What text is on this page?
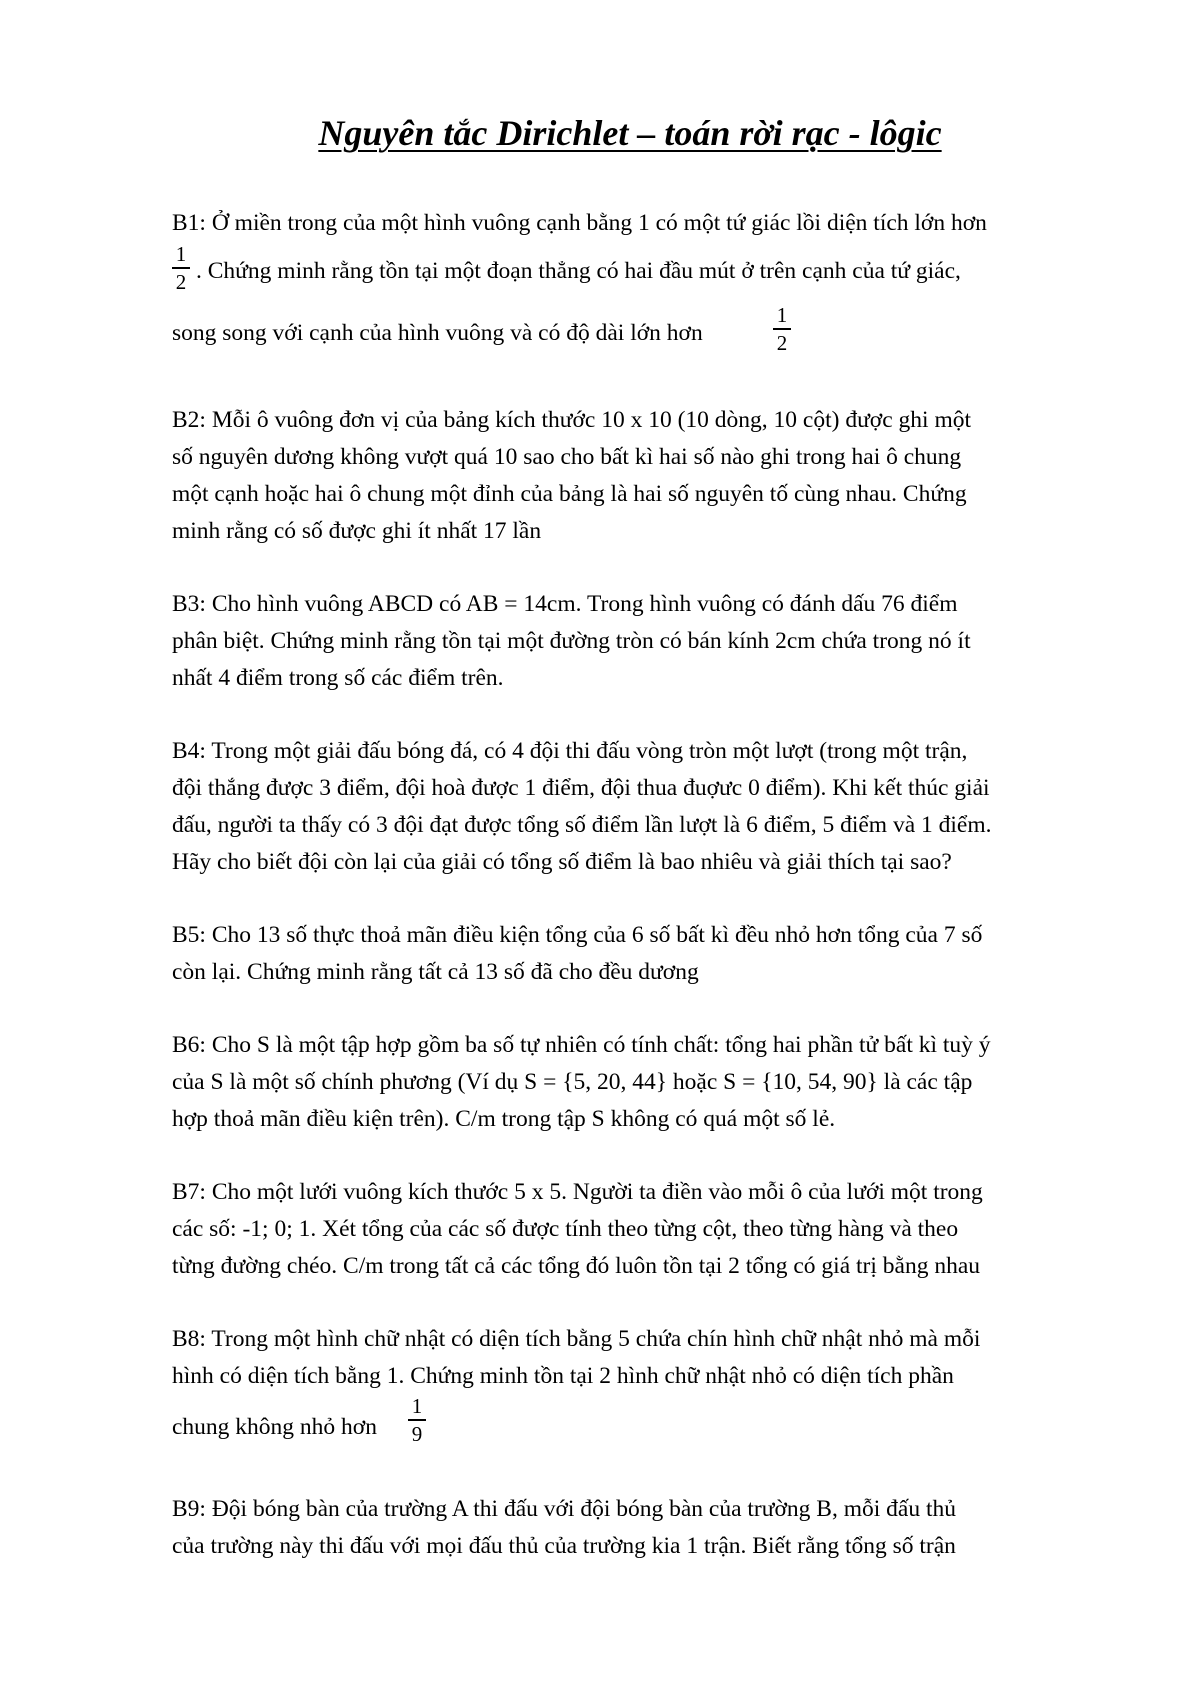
Nguyên tắc Dirichlet – toán rời rạc - lôgic
B1: Ở miền trong của một hình vuông cạnh bằng 1 có một tứ giác lồi diện tích lớn hơn
1
2 . Chứng minh rằng tồn tại một đoạn thẳng có hai đầu mút ở trên cạnh của tứ giác,
song song với cạnh của hình vuông và có độ dài lớn hơn
1
2
B2: Mỗi ô vuông đơn vị của bảng kích thước 10 x 10 (10 dòng, 10 cột) được ghi một
số nguyên dương không vượt quá 10 sao cho bất kì hai số nào ghi trong hai ô chung
một cạnh hoặc hai ô chung một đỉnh của bảng là hai số nguyên tố cùng nhau. Chứng
minh rằng có số được ghi ít nhất 17 lần
B3: Cho hình vuông ABCD có AB = 14cm. Trong hình vuông có đánh dấu 76 điểm
phân biệt. Chứng minh rằng tồn tại một đường tròn có bán kính 2cm chứa trong nó ít
nhất 4 điểm trong số các điểm trên.
B4: Trong một giải đấu bóng đá, có 4 đội thi đấu vòng tròn một lượt (trong một trận,
đội thắng được 3 điểm, đội hoà được 1 điểm, đội thua đuợưc 0 điểm). Khi kết thúc giải
đấu, người ta thấy có 3 đội đạt được tổng số điểm lần lượt là 6 điểm, 5 điểm và 1 điểm.
Hãy cho biết đội còn lại của giải có tổng số điểm là bao nhiêu và giải thích tại sao?
B5: Cho 13 số thực thoả mãn điều kiện tổng của 6 số bất kì đều nhỏ hơn tổng của 7 số
còn lại. Chứng minh rằng tất cả 13 số đã cho đều dương
B6: Cho S là một tập hợp gồm ba số tự nhiên có tính chất: tổng hai phần tử bất kì tuỳ ý
của S là một số chính phương (Ví dụ S = {5, 20, 44} hoặc S = {10, 54, 90} là các tập
hợp thoả mãn điều kiện trên). C/m trong tập S không có quá một số lẻ.
B7: Cho một lưới vuông kích thước 5 x 5. Người ta điền vào mỗi ô của lưới một trong
các số: -1; 0; 1. Xét tổng của các số được tính theo từng cột, theo từng hàng và theo
từng đường chéo. C/m trong tất cả các tổng đó luôn tồn tại 2 tổng có giá trị bằng nhau
B8: Trong một hình chữ nhật có diện tích bằng 5 chứa chín hình chữ nhật nhỏ mà mỗi
hình có diện tích bằng 1. Chứng minh tồn tại 2 hình chữ nhật nhỏ có diện tích phần
chung không nhỏ hơn
1
9
B9: Đội bóng bàn của trường A thi đấu với đội bóng bàn của trường B, mỗi đấu thủ
của trường này thi đấu với mọi đấu thủ của trường kia 1 trận. Biết rằng tổng số trận
